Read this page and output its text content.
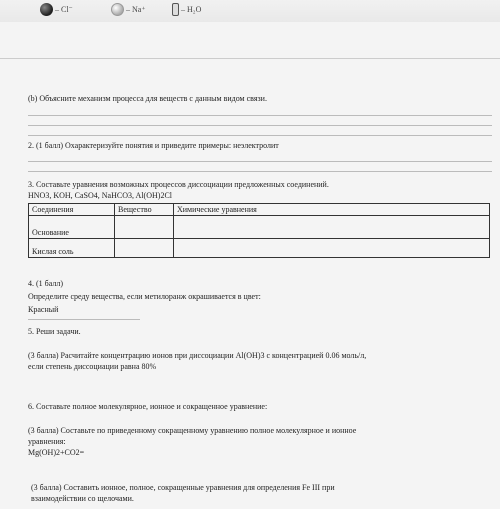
– Cl⁻	– Na⁺	– H₂O
(b) Объясните механизм процесса для веществ с данным видом связи.
2. (1 балл) Охарактеризуйте понятия и приведите примеры: неэлектролит
3. Составьте уравнения возможных процессов диссоциации предложенных соединений.
HNO3, KOH, CaSO4, NaHCO3, Al(OH)2Cl
Соединения	Вещество	Химические уравнения
Основание		
Кислая соль		
4. (1 балл)
Определите среду вещества, если метилоранж окрашивается в цвет:
Красный
5. Реши задачи.
(3 балла) Расчитайте концентрацию ионов при диссоциации Al(OH)3 с концентрацией 0.06 моль/л,
если степень диссоциации равна 80%
6. Составьте полное молекулярное, ионное и сокращенное уравнение:
(3 балла) Составьте по приведенному сокращенному уравнению полное молекулярное и ионное
уравнения:
Mg(OH)2+CO2=
(3 балла) Составить ионное, полное, сокращенные уравнения для определения Fe III при
взаимодействии со щелочами.
